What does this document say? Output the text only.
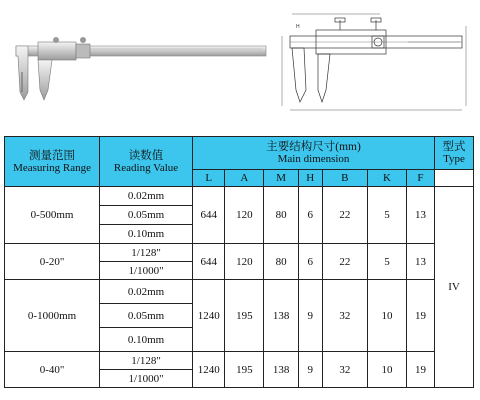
H
测量范围
Measuring Range	读数值
Reading Value	主要结构尺寸(mm)
Main dimension							型式
Type

		L	A	M	H	B	K	F	
0-500mm	0.02mm	644	120	80	6	22	5	13	IV
	0.05mm								
	0.10mm								
0-20"	1/128"	644	120	80	6	22	5	13	
	1/1000"								
0-1000mm	0.02mm	1240	195	138	9	32	10	19	
	0.05mm								
	0.10mm								
0-40"	1/128"	1240	195	138	9	32	10	19	
	1/1000"								
